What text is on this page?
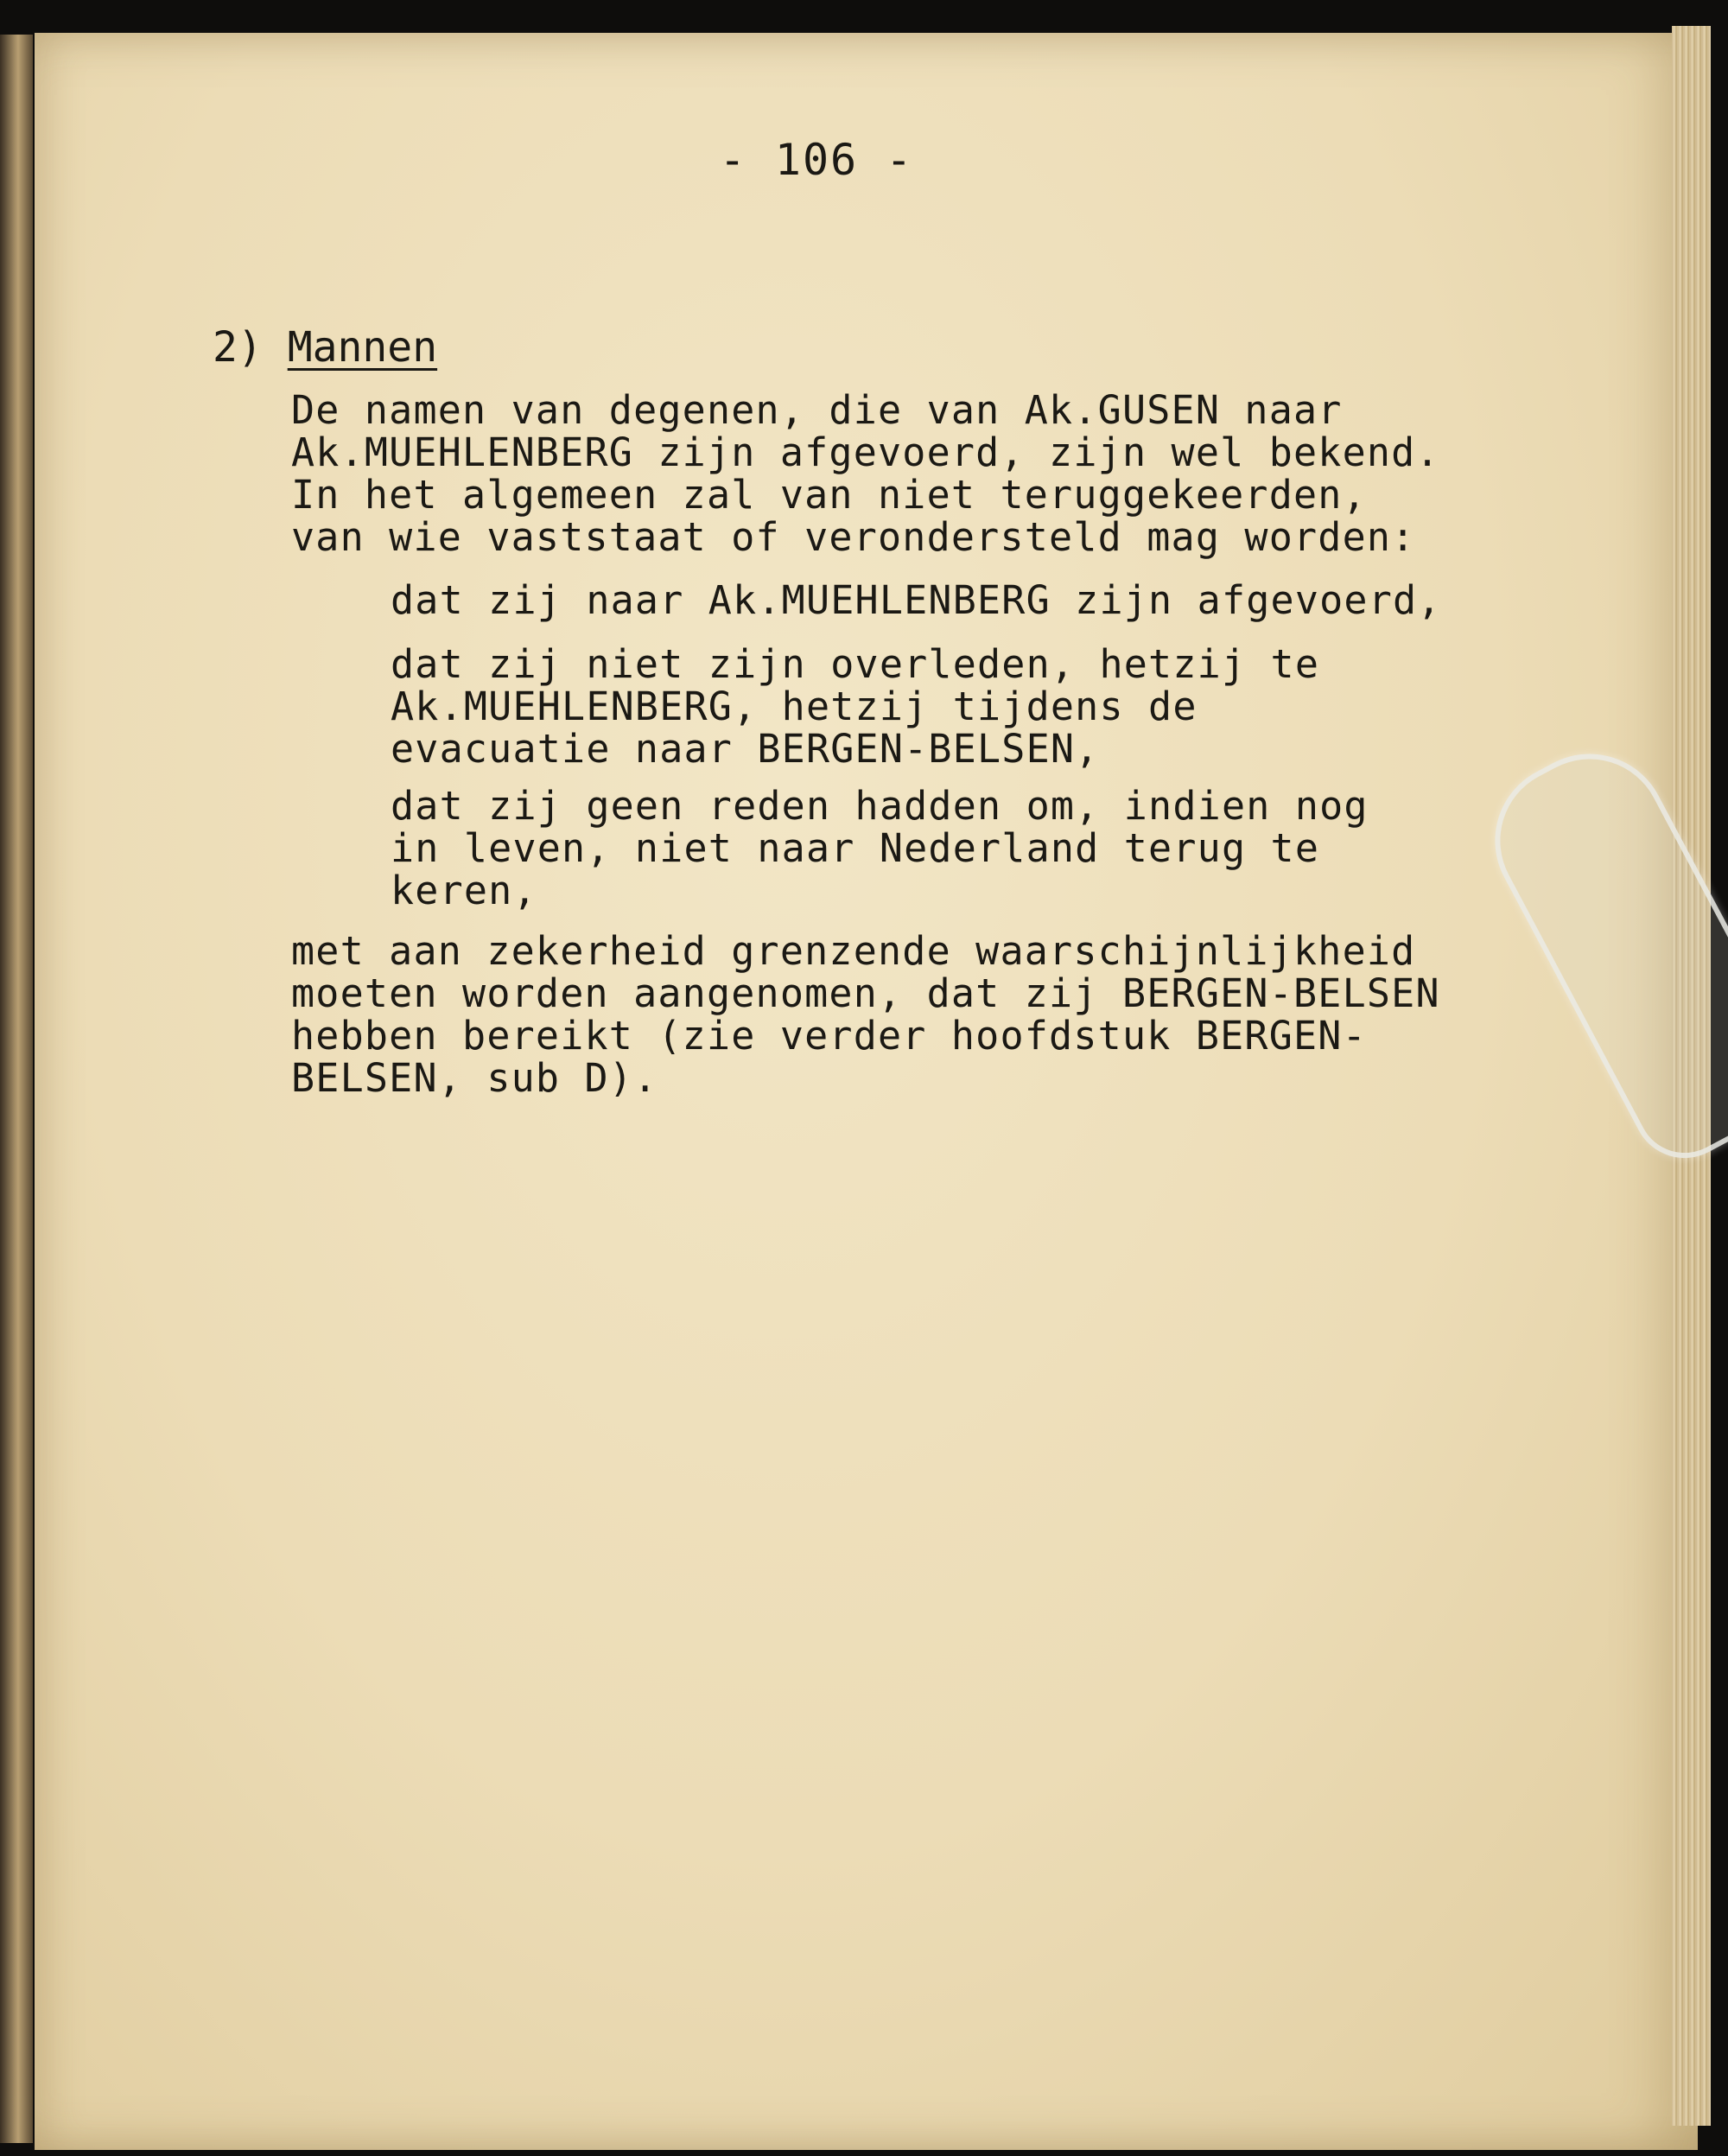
- 106 -
2) Mannen

De namen van degenen, die van Ak.GUSEN naar

Ak.MUEHLENBERG zijn afgevoerd, zijn wel bekend.

In het algemeen zal van niet teruggekeerden,

van wie vaststaat of verondersteld mag worden:

dat zij naar Ak.MUEHLENBERG zijn afgevoerd,

dat zij niet zijn overleden, hetzij te

Ak.MUEHLENBERG, hetzij tijdens de

evacuatie naar BERGEN-BELSEN,

dat zij geen reden hadden om, indien nog

in leven, niet naar Nederland terug te

keren,

met aan zekerheid grenzende waarschijnlijkheid

moeten worden aangenomen, dat zij BERGEN-BELSEN

hebben bereikt (zie verder hoofdstuk BERGEN-

BELSEN, sub D).
